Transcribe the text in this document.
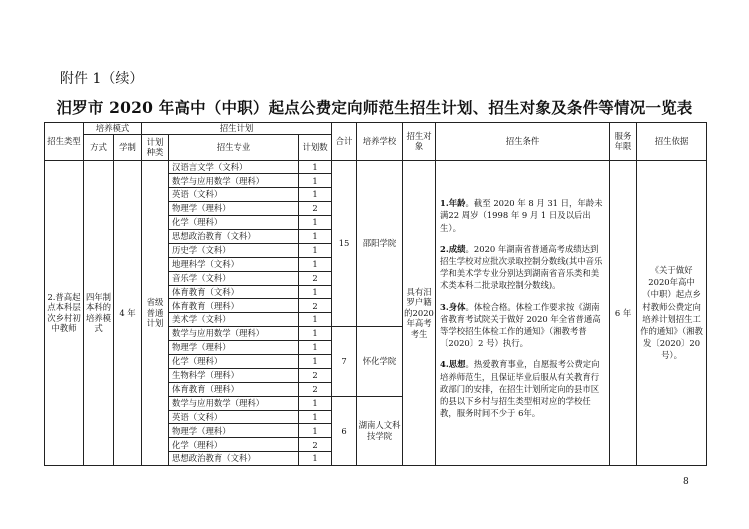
附件 1（续）
汨罗市 2020 年高中（中职）起点公费定向师范生招生计划、招生对象及条件等情况一览表
招生类型	培养模式		招生计划			合计	培养学校	招生对象	招生条件	服务年限	招生依据
	方式	学制	计划种类	招生专业	计划数						
2.普高起点本科层次乡村初中教师	四年制本科的培养模式	4 年	省级普通计划	汉语言文学（文科）	1	15	邵阳学院	具有汨罗户籍的2020年高考考生	1.年龄。截至 2020 年 8 月 31 日，年龄未满22 周岁（1998 年 9 月 1 日及以后出生）。

2.成绩。2020 年湖南省普通高考成绩达到招生学校对应批次录取控制分数线(其中音乐学和美术学专业分别达到湖南省音乐类和美术类本科二批录取控制分数线)。

3.身体。体检合格。体检工作要求按《湖南省教育考试院关于做好 2020 年全省普通高等学校招生体检工作的通知》（湘教考普〔2020〕2 号）执行。

4.思想。热爱教育事业，自愿报考公费定向培养师范生，且保证毕业后服从有关教育行政部门的安排，在招生计划所定向的县市区的县以下乡村与招生类型相对应的学校任教，服务时间不少于 6年。	6 年	《关于做好2020年高中（中职）起点乡村教师公费定向培养计划招生工作的通知》（湘教发〔2020〕20号）。
				数学与应用数学（理科）	1						
				英语（文科）	1						
				物理学（理科）	2						
				化学（理科）	1						
				思想政治教育（文科）	1						
				历史学（文科）	1						
				地理科学（文科）	1						
				音乐学（文科）	2						
				体育教育（文科）	1						
				体育教育（理科）	2						
				美术学（文科）	1						
				数学与应用数学（理科）	1	7	怀化学院				
				物理学（理科）	1						
				化学（理科）	1						
				生物科学（理科）	2						
				体育教育（理科）	2						
				数学与应用数学（理科）	1	6	湖南人文科技学院				
				英语（文科）	1						
				物理学（理科）	1						
				化学（理科）	2						
				思想政治教育（文科）	1						
8
